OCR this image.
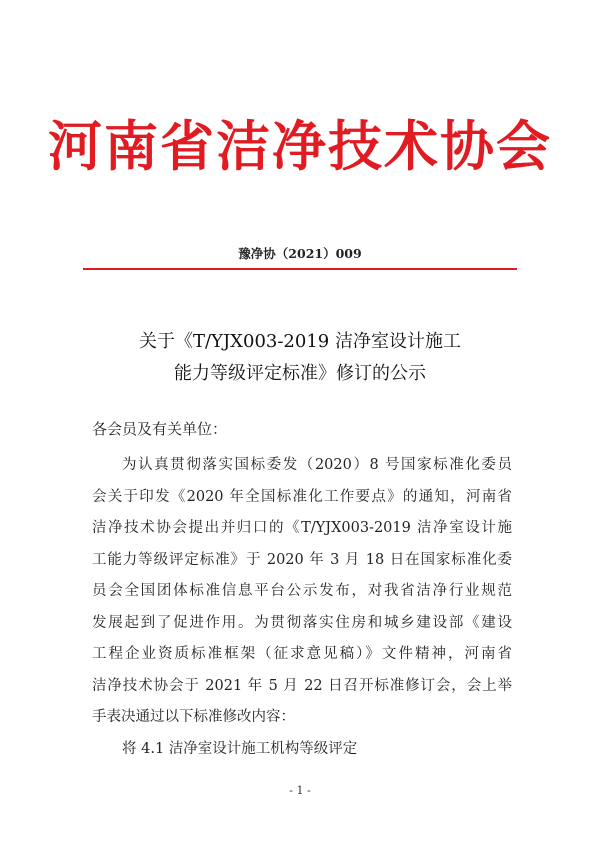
河南省洁净技术协会
豫净协（2021）009
关于《T/YJX003-2019 洁净室设计施工
能力等级评定标准》修订的公示
各会员及有关单位：
为认真贯彻落实国标委发（2020）8 号国家标准化委员
会关于印发《2020 年全国标准化工作要点》的通知，河南省
洁净技术协会提出并归口的《T/YJX003-2019 洁净室设计施
工能力等级评定标准》于 2020 年 3 月 18 日在国家标准化委
员会全国团体标准信息平台公示发布，对我省洁净行业规范
发展起到了促进作用。为贯彻落实住房和城乡建设部《建设
工程企业资质标准框架（征求意见稿）》文件精神，河南省
洁净技术协会于 2021 年 5 月 22 日召开标准修订会，会上举
手表决通过以下标准修改内容：
将 4.1 洁净室设计施工机构等级评定
- 1 -
